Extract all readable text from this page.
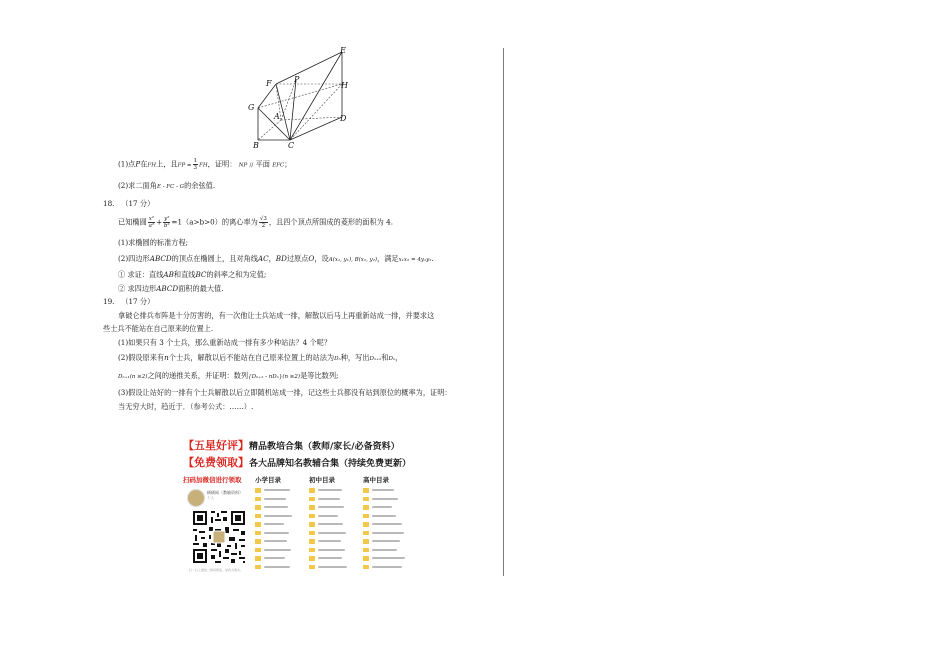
E
F	P
H
G
A	D
B	C
(1)点P在FH上，且FP = $\frac{1}{3}$ FH，证明： NP // 平面 EFC；
(2)求二面角E - FC - G的余弦值.
18. （17 分）
已知椭圆 $\frac{\text{x²}}{\text{a²}} + \frac{\text{y²}}{\text{b²}} =1(a>b>0)$的离心率为 $\frac{√3}{2}$ ，且四个顶点所围成的菱形的面积为 4.
(1)求椭圆的标准方程;
(2)四边形ABCD的顶点在椭圆上，且对角线AC，BD过原点O，设A(x₁, y₁), B(x₂, y₂)，满足x₁x₂ = 4y₁y₂.
① 求证：直线AB和直线BC的斜率之和为定值;
② 求四边形ABCD面积的最大值.
19. （17 分）
拿破仑排兵布阵是十分厉害的，有一次他让士兵站成一排，解散以后马上再重新站成一排，并要求这
些士兵不能站在自己原来的位置上.
(1)如果只有 3 个士兵，那么重新站成一排有多少种站法？4 个呢？
(2)假设原来有n个士兵，解散以后不能站在自己原来位置上的站法为Dₙ种，写出Dₙ₊₁和Dₙ，
Dₙ₊₁(n ≥2)之间的递推关系，并证明：数列{Dₙ₊₁ - nDₙ}(n ≥2)是等比数列;
(3)假设让站好的一排有个士兵解散以后立即随机站成一排，记这些士兵都没有站到原位的概率为，证明：
当无穷大时，趋近于．（参考公式：……）.
【五星好评】精品教培合集（教师/家长/必备资料）
【免费领取】各大品牌知名教辅合集（持续免费更新）
扫码加微信进行领取 小学目录	初中目录	高中目录
刷刷网（教辅资料）
个人
扫一扫上面的二维码图案，加我为朋友。
